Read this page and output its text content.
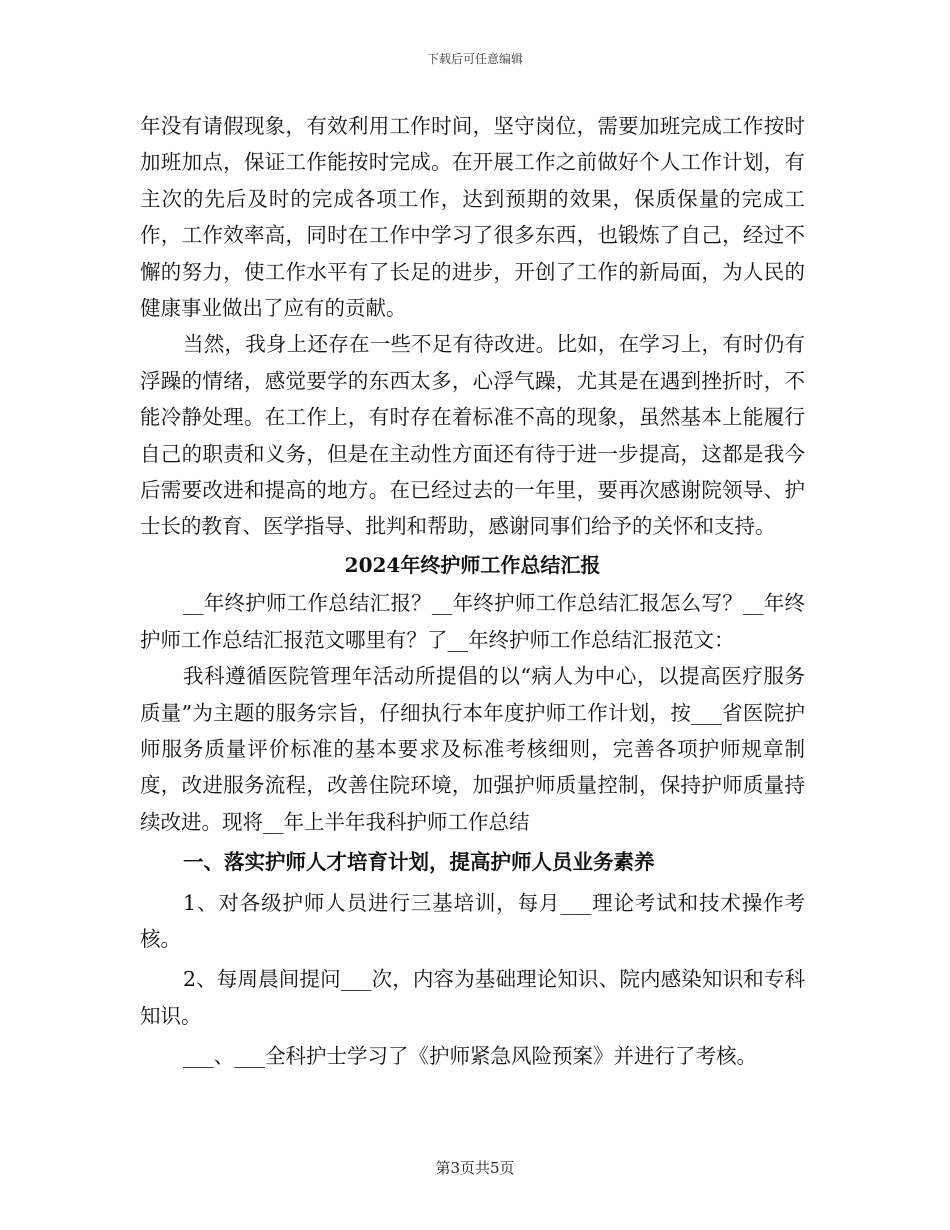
下载后可任意编辑

年没有请假现象，有效利用工作时间，坚守岗位，需要加班完成工作按时加班加点，保证工作能按时完成。在开展工作之前做好个人工作计划，有主次的先后及时的完成各项工作，达到预期的效果，保质保量的完成工作，工作效率高，同时在工作中学习了很多东西，也锻炼了自己，经过不懈的努力，使工作水平有了长足的进步，开创了工作的新局面，为人民的健康事业做出了应有的贡献。

当然，我身上还存在一些不足有待改进。比如，在学习上，有时仍有浮躁的情绪，感觉要学的东西太多，心浮气躁，尤其是在遇到挫折时，不能冷静处理。在工作上，有时存在着标准不高的现象，虽然基本上能履行自己的职责和义务，但是在主动性方面还有待于进一步提高，这都是我今后需要改进和提高的地方。在已经过去的一年里，要再次感谢院领导、护士长的教育、医学指导、批判和帮助，感谢同事们给予的关怀和支持。

2024年终护师工作总结汇报

__年终护师工作总结汇报？__年终护师工作总结汇报怎么写？__年终护师工作总结汇报范文哪里有？了__年终护师工作总结汇报范文：

我科遵循医院管理年活动所提倡的以“病人为中心，以提高医疗服务质量”为主题的服务宗旨，仔细执行本年度护师工作计划，按___省医院护师服务质量评价标准的基本要求及标准考核细则，完善各项护师规章制度，改进服务流程，改善住院环境，加强护师质量控制，保持护师质量持续改进。现将__年上半年我科护师工作总结

一、落实护师人才培育计划，提高护师人员业务素养

1、对各级护师人员进行三基培训，每月___理论考试和技术操作考核。

2、每周晨间提问___次，内容为基础理论知识、院内感染知识和专科知识。

___、___全科护士学习了《护师紧急风险预案》并进行了考核。

第3页共5页
